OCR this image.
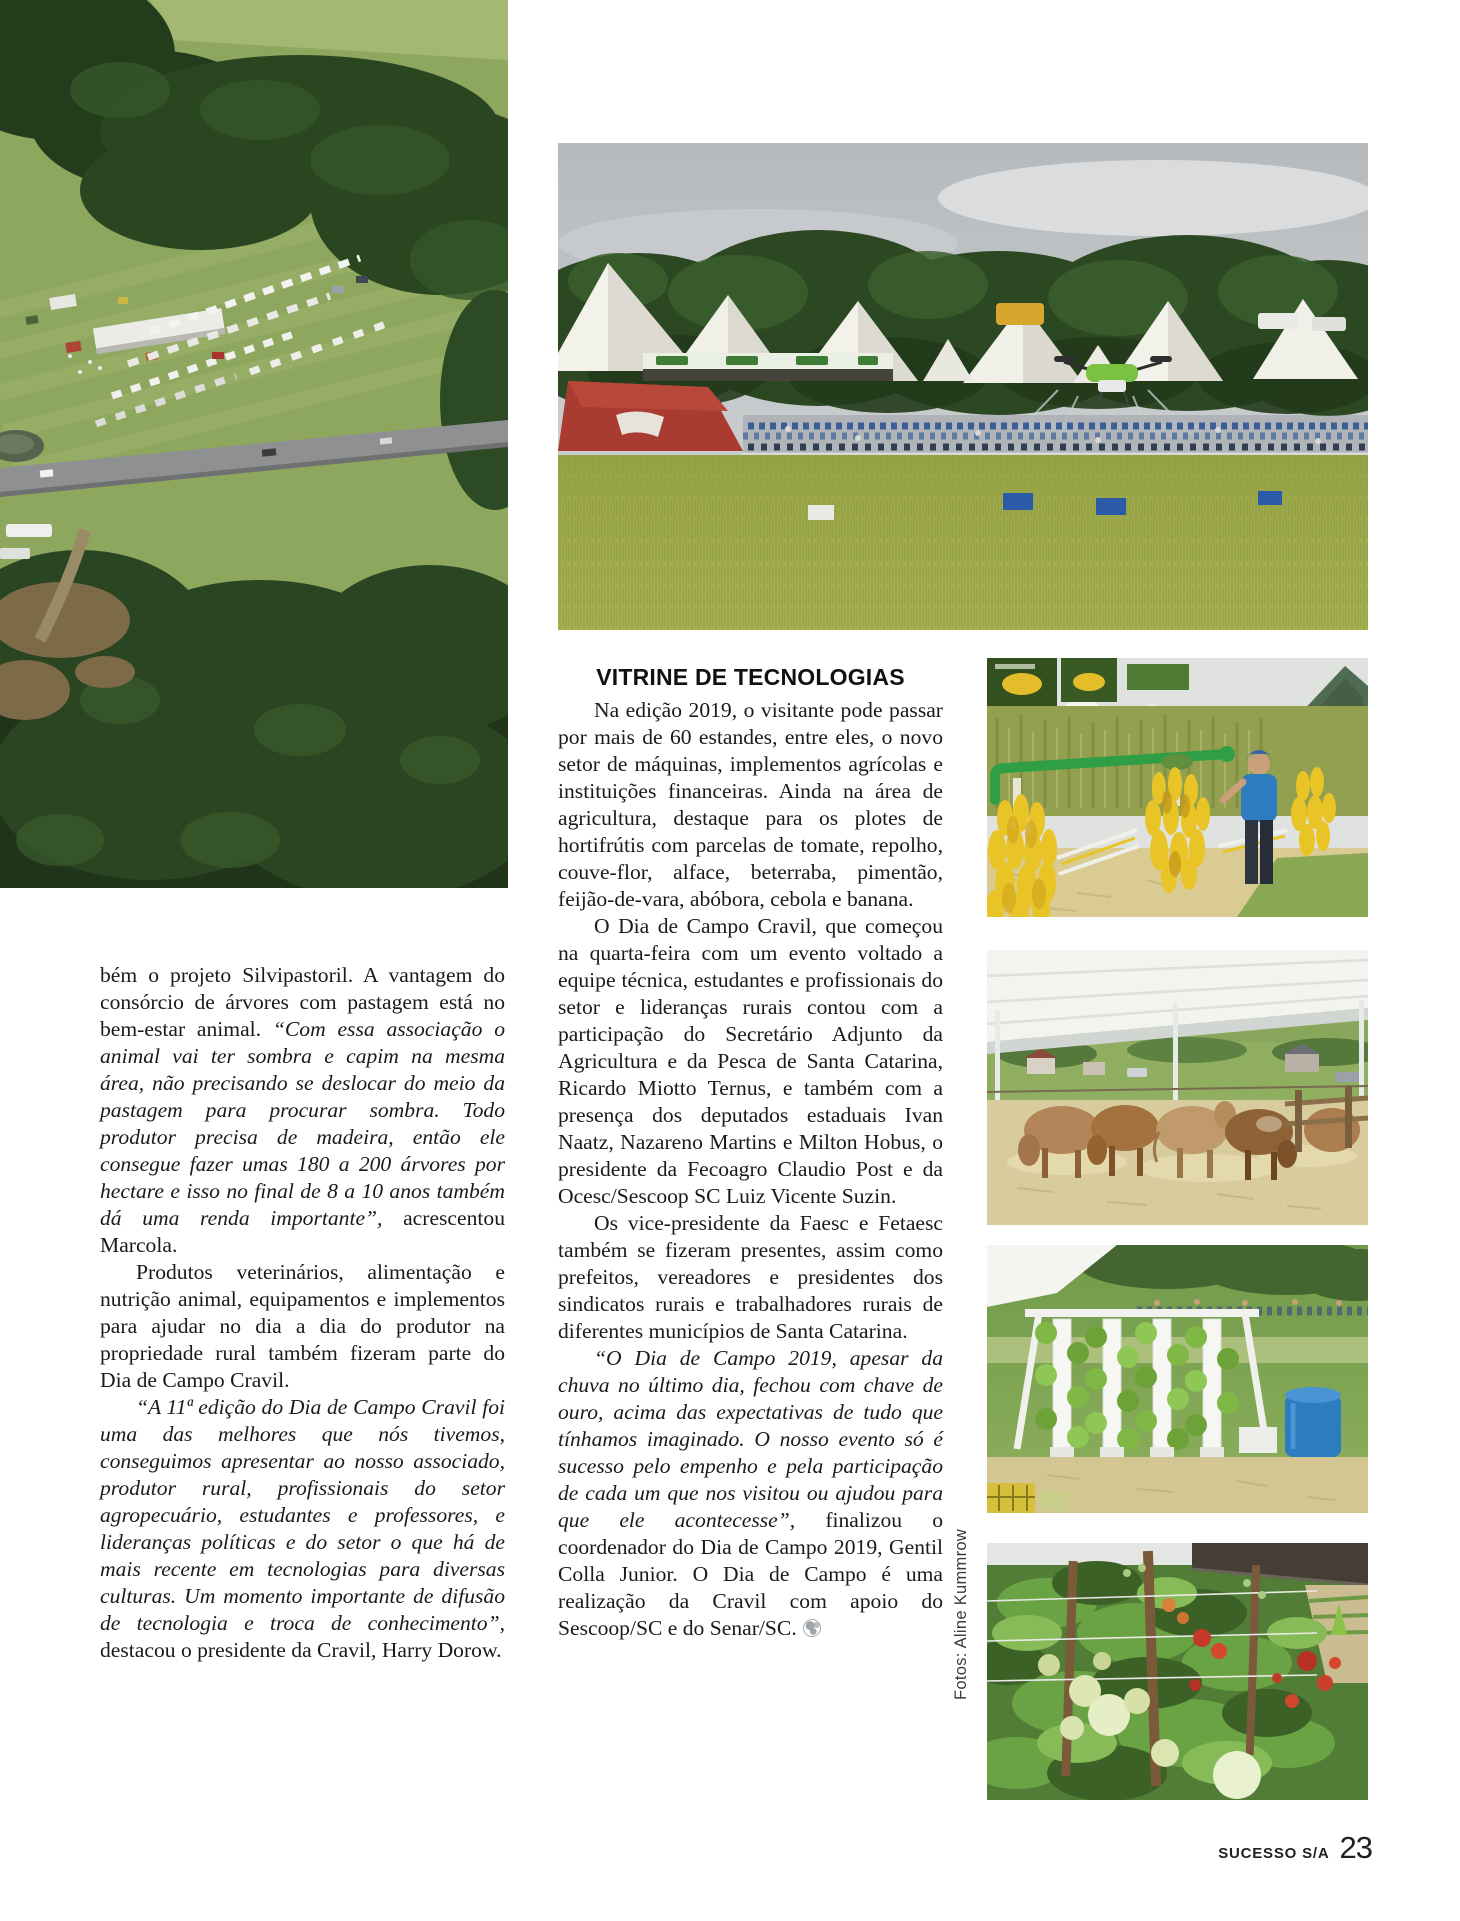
bém o projeto Silvipastoril. A vantagem do consórcio de árvores com pastagem está no bem-estar animal. “Com essa associação o animal vai ter sombra e capim na mesma área, não precisando se deslocar do meio da pastagem para procurar sombra. Todo produtor precisa de madeira, então ele consegue fazer umas 180 a 200 árvores por hectare e isso no final de 8 a 10 anos também dá uma renda importante”, acrescentou Marcola.

Produtos veterinários, alimentação e nutrição animal, equipamentos e implementos para ajudar no dia a dia do produtor na propriedade rural também fizeram parte do Dia de Campo Cravil.

“A 11ª edição do Dia de Campo Cravil foi uma das melhores que nós tivemos, conseguimos apresentar ao nosso associado, produtor rural, profissionais do setor agropecuário, estudantes e professores, e lideranças políticas e do setor o que há de mais recente em tecnologias para diversas culturas. Um momento importante de difusão de tecnologia e troca de conhecimento”, destacou o presidente da Cravil, Harry Dorow.

VITRINE DE TECNOLOGIAS

Na edição 2019, o visitante pode passar por mais de 60 estandes, entre eles, o novo setor de máquinas, implementos agrícolas e instituições financeiras. Ainda na área de agricultura, destaque para os plotes de hortifrútis com parcelas de tomate, repolho, couve-flor, alface, beterraba, pimentão, feijão-de-vara, abóbora, cebola e banana.

O Dia de Campo Cravil, que começou na quarta-feira com um evento voltado a equipe técnica, estudantes e profissionais do setor e lideranças rurais contou com a participação do Secretário Adjunto da Agricultura e da Pesca de Santa Catarina, Ricardo Miotto Ternus, e também com a presença dos deputados estaduais Ivan Naatz, Nazareno Martins e Milton Hobus, o presidente da Fecoagro Claudio Post e da Ocesc/Sescoop SC Luiz Vicente Suzin.

Os vice-presidente da Faesc e Fetaesc também se fizeram presentes, assim como prefeitos, vereadores e presidentes dos sindicatos rurais e trabalhadores rurais de diferentes municípios de Santa Catarina.

“O Dia de Campo 2019, apesar da chuva no último dia, fechou com chave de ouro, acima das expectativas de tudo que tínhamos imaginado. O nosso evento só é sucesso pelo empenho e pela participação de cada um que nos visitou ou ajudou para que ele acontecesse”, finalizou o coordenador do Dia de Campo 2019, Gentil Colla Junior. O Dia de Campo é uma realização da Cravil com apoio do Sescoop/SC e do Senar/SC.	Fotos: Aline Kummrow
SUCESSO S/A 23
